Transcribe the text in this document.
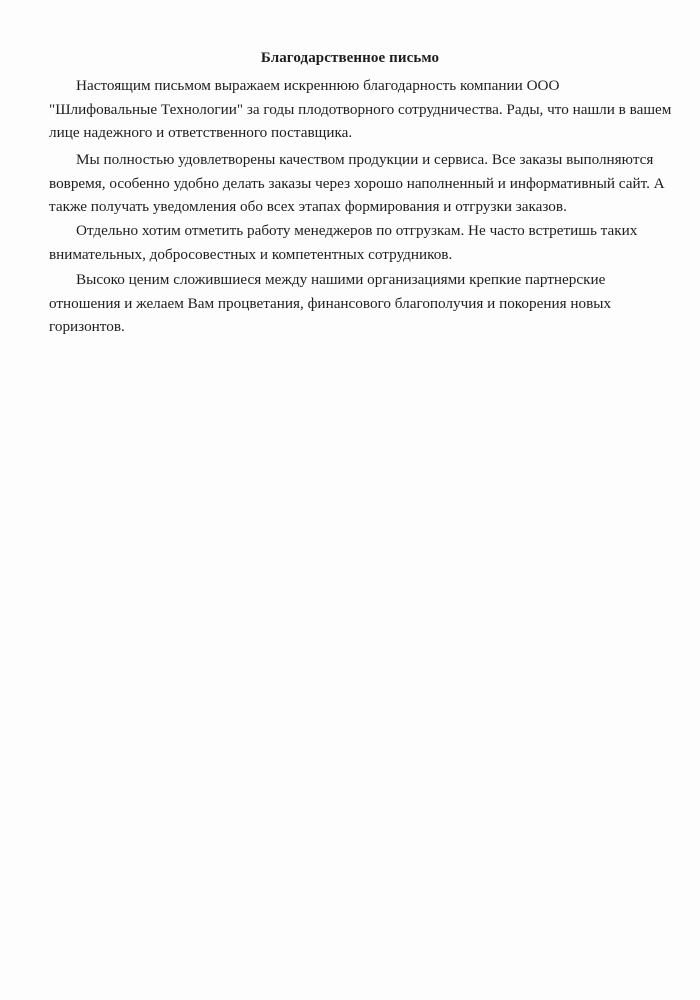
Благодарственное письмо
Настоящим письмом выражаем искреннюю благодарность компании ООО
"Шлифовальные Технологии" за годы плодотворного сотрудничества. Рады, что нашли в вашем
лице надежного и ответственного поставщика.
Мы полностью удовлетворены качеством продукции и сервиса. Все заказы выполняются
вовремя, особенно удобно делать заказы через хорошо наполненный и информативный сайт. А
также получать уведомления обо всех этапах формирования и отгрузки заказов.
Отдельно хотим отметить работу менеджеров по отгрузкам. Не часто встретишь таких
внимательных, добросовестных и компетентных сотрудников.
Высоко ценим сложившиеся между нашими организациями крепкие партнерские
отношения и желаем Вам процветания, финансового благополучия и покорения новых
горизонтов.
